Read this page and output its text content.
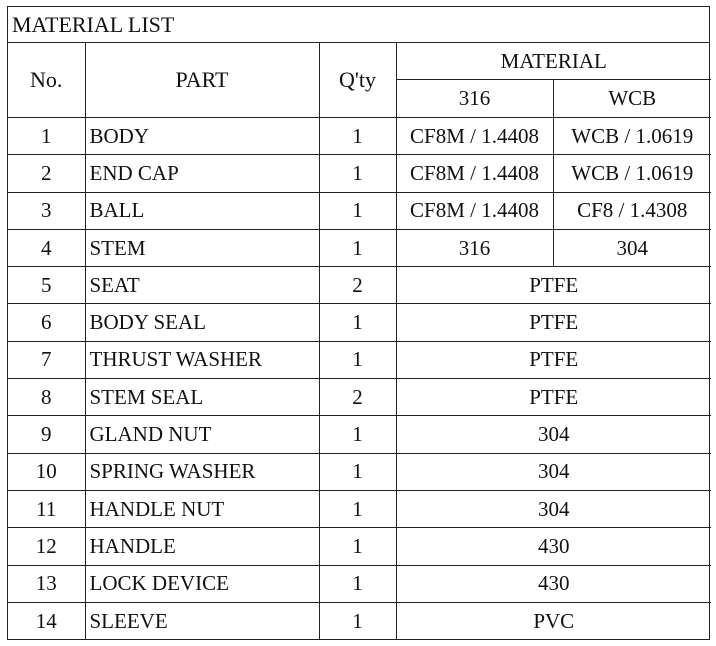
MATERIAL LIST
No.	PART	Q'ty	MATERIAL	
			316	WCB
1	BODY	1	CF8M / 1.4408	WCB / 1.0619
2	END CAP	1	CF8M / 1.4408	WCB / 1.0619
3	BALL	1	CF8M / 1.4408	CF8 / 1.4308
4	STEM	1	316	304
5	SEAT	2	PTFE	
6	BODY SEAL	1	PTFE	
7	THRUST WASHER	1	PTFE	
8	STEM SEAL	2	PTFE	
9	GLAND NUT	1	304	
10	SPRING WASHER	1	304	
11	HANDLE NUT	1	304	
12	HANDLE	1	430	
13	LOCK DEVICE	1	430	
14	SLEEVE	1	PVC	
